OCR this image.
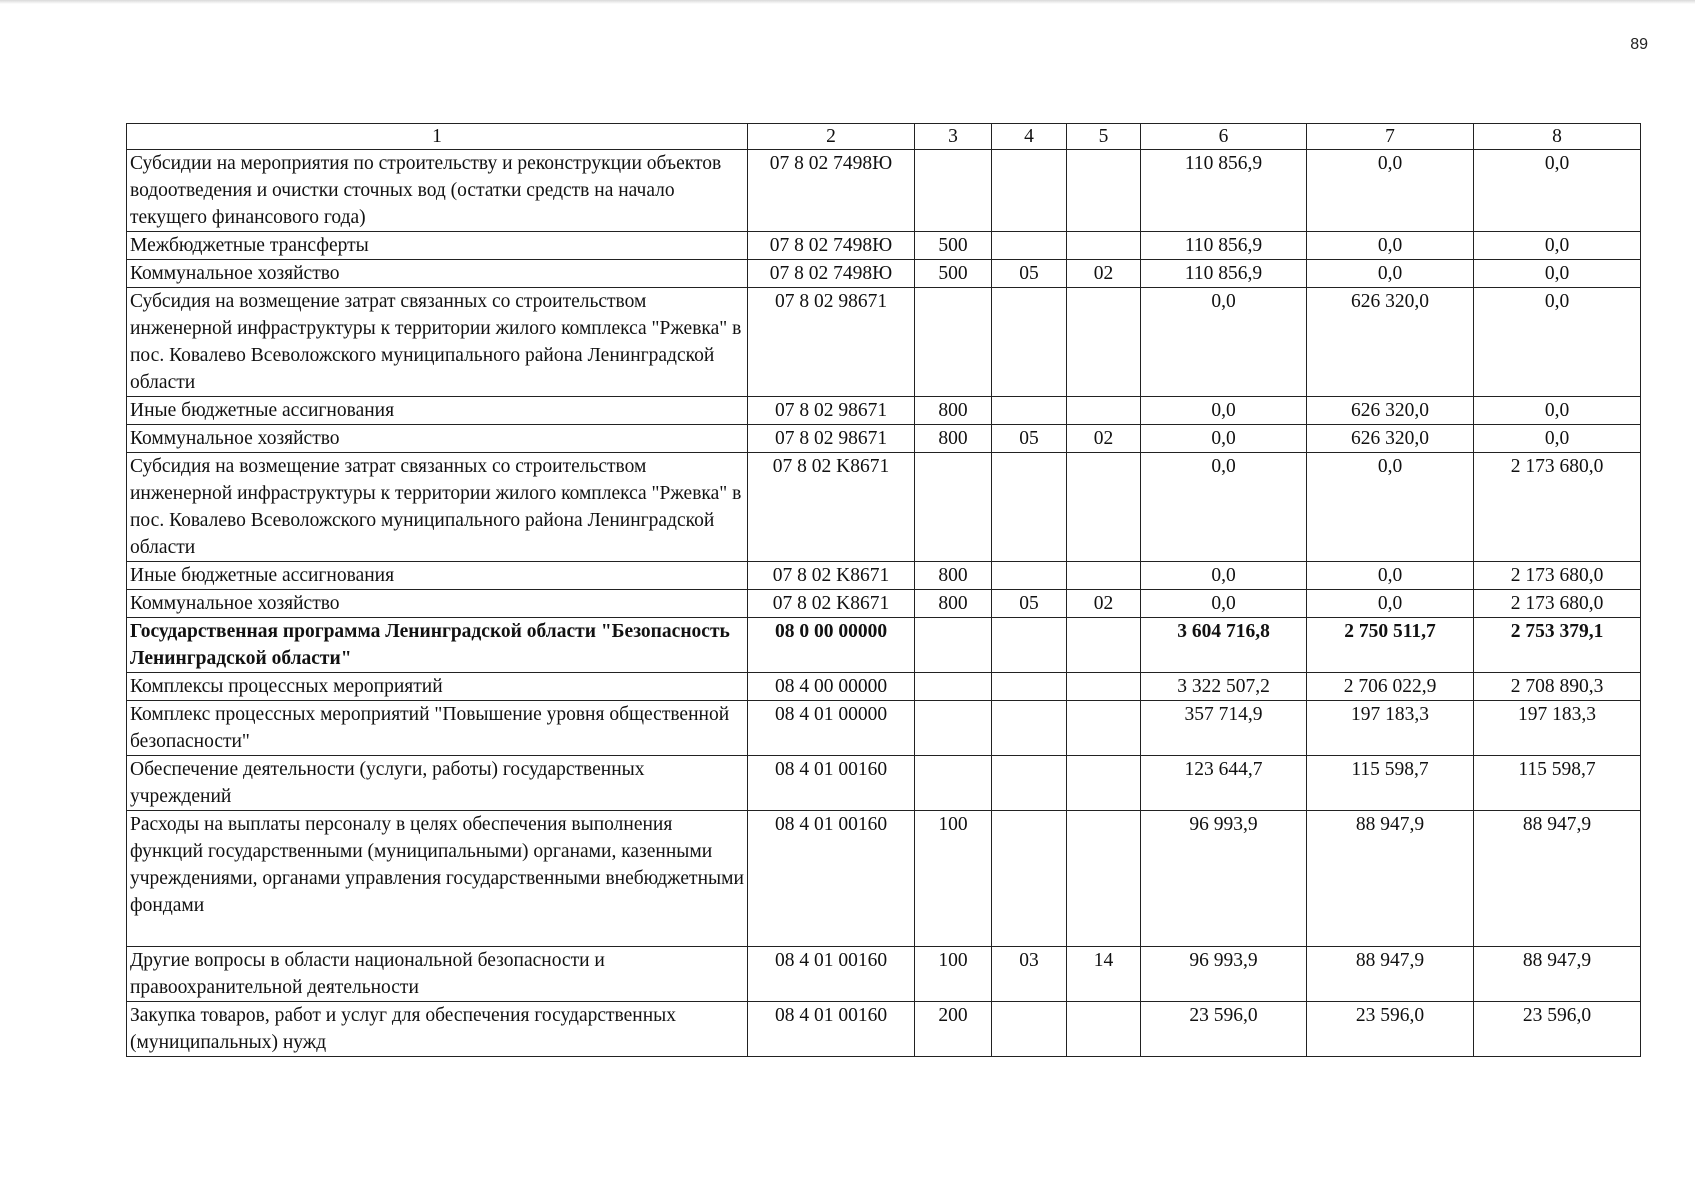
89
1	2	3	4	5	6	7	8
Субсидии на мероприятия по строительству и реконструкции объектов водоотведения и очистки сточных вод (остатки средств на начало текущего финансового года)	07 8 02 7498Ю				110 856,9	0,0	0,0
Межбюджетные трансферты	07 8 02 7498Ю	500			110 856,9	0,0	0,0
Коммунальное хозяйство	07 8 02 7498Ю	500	05	02	110 856,9	0,0	0,0
Субсидия на возмещение затрат связанных со строительством инженерной инфраструктуры к территории жилого комплекса "Ржевка" в пос. Ковалево Всеволожского муниципального района Ленинградской области	07 8 02 98671				0,0	626 320,0	0,0
Иные бюджетные ассигнования	07 8 02 98671	800			0,0	626 320,0	0,0
Коммунальное хозяйство	07 8 02 98671	800	05	02	0,0	626 320,0	0,0
Субсидия на возмещение затрат связанных со строительством инженерной инфраструктуры к территории жилого комплекса "Ржевка" в пос. Ковалево Всеволожского муниципального района Ленинградской области	07 8 02 K8671				0,0	0,0	2 173 680,0
Иные бюджетные ассигнования	07 8 02 K8671	800			0,0	0,0	2 173 680,0
Коммунальное хозяйство	07 8 02 K8671	800	05	02	0,0	0,0	2 173 680,0
Государственная программа Ленинградской области "Безопасность Ленинградской области"	08 0 00 00000				3 604 716,8	2 750 511,7	2 753 379,1
Комплексы процессных мероприятий	08 4 00 00000				3 322 507,2	2 706 022,9	2 708 890,3
Комплекс процессных мероприятий "Повышение уровня общественной безопасности"	08 4 01 00000				357 714,9	197 183,3	197 183,3
Обеспечение деятельности (услуги, работы) государственных учреждений	08 4 01 00160				123 644,7	115 598,7	115 598,7
Расходы на выплаты персоналу в целях обеспечения выполнения функций государственными (муниципальными) органами, казенными учреждениями, органами управления государственными внебюджетными фондами	08 4 01 00160	100			96 993,9	88 947,9	88 947,9
Другие вопросы в области национальной безопасности и правоохранительной деятельности	08 4 01 00160	100	03	14	96 993,9	88 947,9	88 947,9
Закупка товаров, работ и услуг для обеспечения государственных (муниципальных) нужд	08 4 01 00160	200			23 596,0	23 596,0	23 596,0
